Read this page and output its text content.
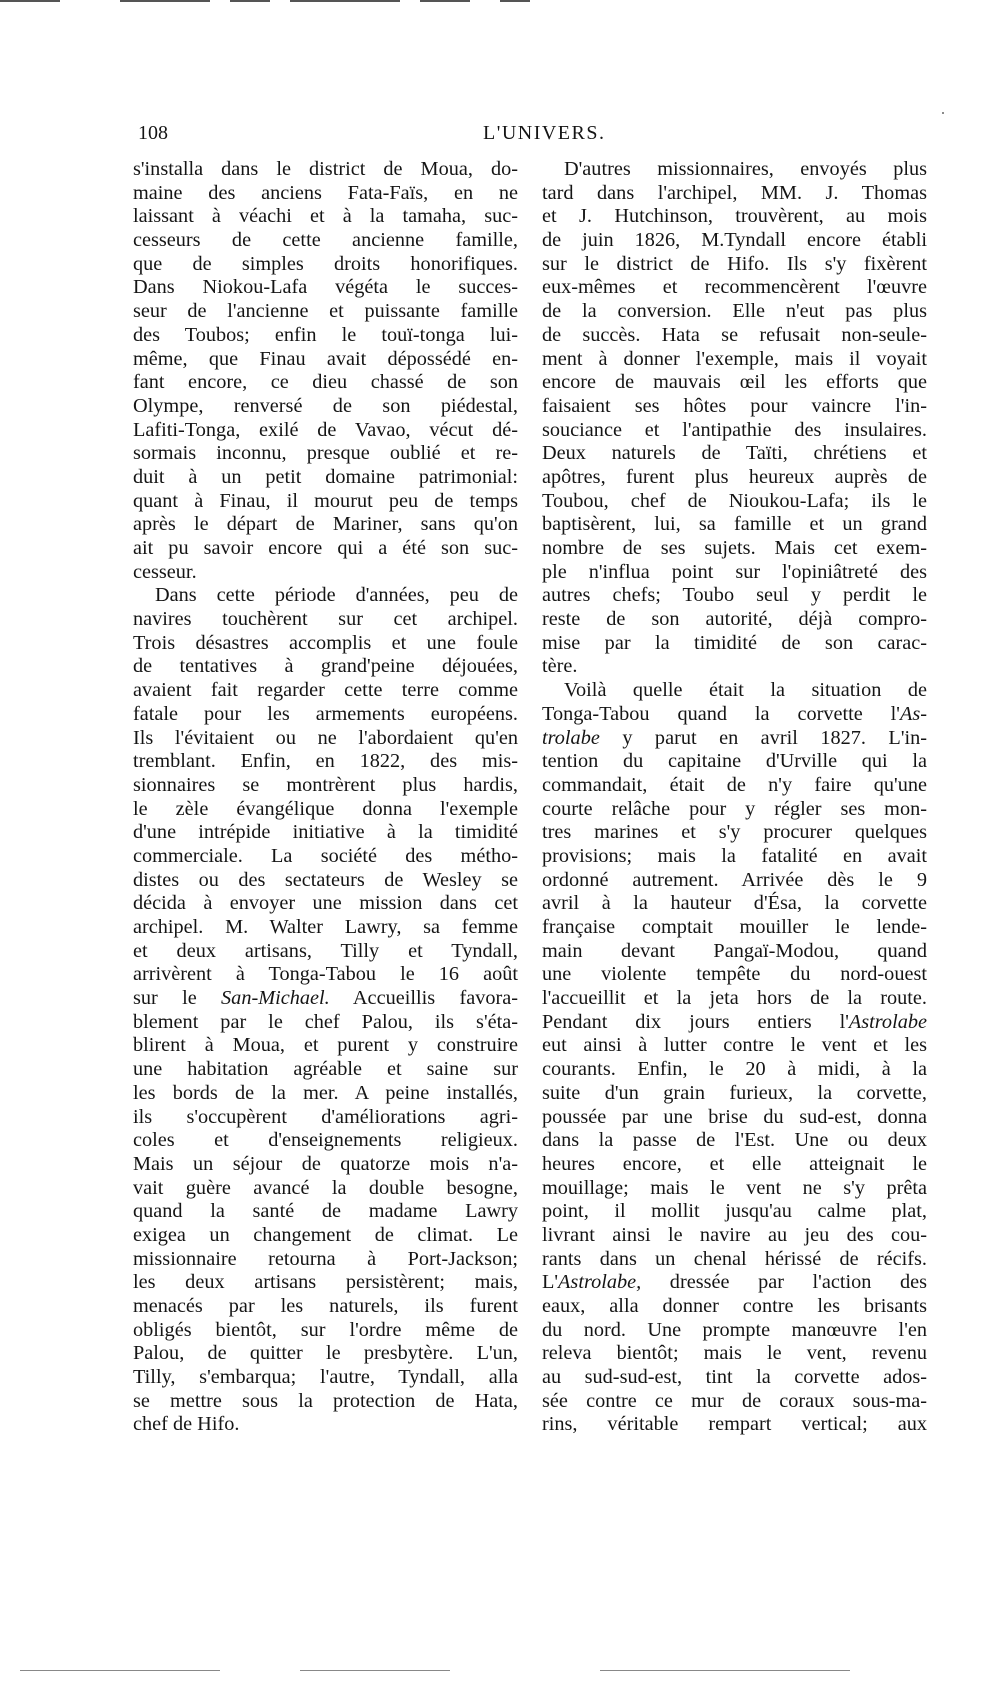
108	L'UNIVERS.
s'installa dans le district de Moua, do-
maine des anciens Fata-Faïs, en ne
laissant à véachi et à la tamaha, suc-
cesseurs de cette ancienne famille,
que de simples droits honorifiques.
Dans Niokou-Lafa végéta le succes-
seur de l'ancienne et puissante famille
des Toubos; enfin le touï-tonga lui-
même, que Finau avait dépossédé en-
fant encore, ce dieu chassé de son
Olympe, renversé de son piédestal,
Lafiti-Tonga, exilé de Vavao, vécut dé-
sormais inconnu, presque oublié et re-
duit à un petit domaine patrimonial:
quant à Finau, il mourut peu de temps
après le départ de Mariner, sans qu'on
ait pu savoir encore qui a été son suc-
cesseur.
Dans cette période d'années, peu de
navires touchèrent sur cet archipel.
Trois désastres accomplis et une foule
de tentatives à grand'peine déjouées,
avaient fait regarder cette terre comme
fatale pour les armements européens.
Ils l'évitaient ou ne l'abordaient qu'en
tremblant. Enfin, en 1822, des mis-
sionnaires se montrèrent plus hardis,
le zèle évangélique donna l'exemple
d'une intrépide initiative à la timidité
commerciale. La société des métho-
distes ou des sectateurs de Wesley se
décida à envoyer une mission dans cet
archipel. M. Walter Lawry, sa femme
et deux artisans, Tilly et Tyndall,
arrivèrent à Tonga-Tabou le 16 août
sur le San-Michael. Accueillis favora-
blement par le chef Palou, ils s'éta-
blirent à Moua, et purent y construire
une habitation agréable et saine sur
les bords de la mer. A peine installés,
ils s'occupèrent d'améliorations agri-
coles et d'enseignements religieux.
Mais un séjour de quatorze mois n'a-
vait guère avancé la double besogne,
quand la santé de madame Lawry
exigea un changement de climat. Le
missionnaire retourna à Port-Jackson;
les deux artisans persistèrent; mais,
menacés par les naturels, ils furent
obligés bientôt, sur l'ordre même de
Palou, de quitter le presbytère. L'un,
Tilly, s'embarqua; l'autre, Tyndall, alla
se mettre sous la protection de Hata,
chef de Hifo.
D'autres missionnaires, envoyés plus
tard dans l'archipel, MM. J. Thomas
et J. Hutchinson, trouvèrent, au mois
de juin 1826, M.Tyndall encore établi
sur le district de Hifo. Ils s'y fixèrent
eux-mêmes et recommencèrent l'œuvre
de la conversion. Elle n'eut pas plus
de succès. Hata se refusait non-seule-
ment à donner l'exemple, mais il voyait
encore de mauvais œil les efforts que
faisaient ses hôtes pour vaincre l'in-
souciance et l'antipathie des insulaires.
Deux naturels de Taïti, chrétiens et
apôtres, furent plus heureux auprès de
Toubou, chef de Nioukou-Lafa; ils le
baptisèrent, lui, sa famille et un grand
nombre de ses sujets. Mais cet exem-
ple n'influa point sur l'opiniâtreté des
autres chefs; Toubo seul y perdit le
reste de son autorité, déjà compro-
mise par la timidité de son carac-
tère.
Voilà quelle était la situation de
Tonga-Tabou quand la corvette l'As-
trolabe y parut en avril 1827. L'in-
tention du capitaine d'Urville qui la
commandait, était de n'y faire qu'une
courte relâche pour y régler ses mon-
tres marines et s'y procurer quelques
provisions; mais la fatalité en avait
ordonné autrement. Arrivée dès le 9
avril à la hauteur d'Ésa, la corvette
française comptait mouiller le lende-
main devant Pangaï-Modou, quand
une violente tempête du nord-ouest
l'accueillit et la jeta hors de la route.
Pendant dix jours entiers l'Astrolabe
eut ainsi à lutter contre le vent et les
courants. Enfin, le 20 à midi, à la
suite d'un grain furieux, la corvette,
poussée par une brise du sud-est, donna
dans la passe de l'Est. Une ou deux
heures encore, et elle atteignait le
mouillage; mais le vent ne s'y prêta
point, il mollit jusqu'au calme plat,
livrant ainsi le navire au jeu des cou-
rants dans un chenal hérissé de récifs.
L'Astrolabe, dressée par l'action des
eaux, alla donner contre les brisants
du nord. Une prompte manœuvre l'en
releva bientôt; mais le vent, revenu
au sud-sud-est, tint la corvette ados-
sée contre ce mur de coraux sous-ma-
rins, véritable rempart vertical; aux
